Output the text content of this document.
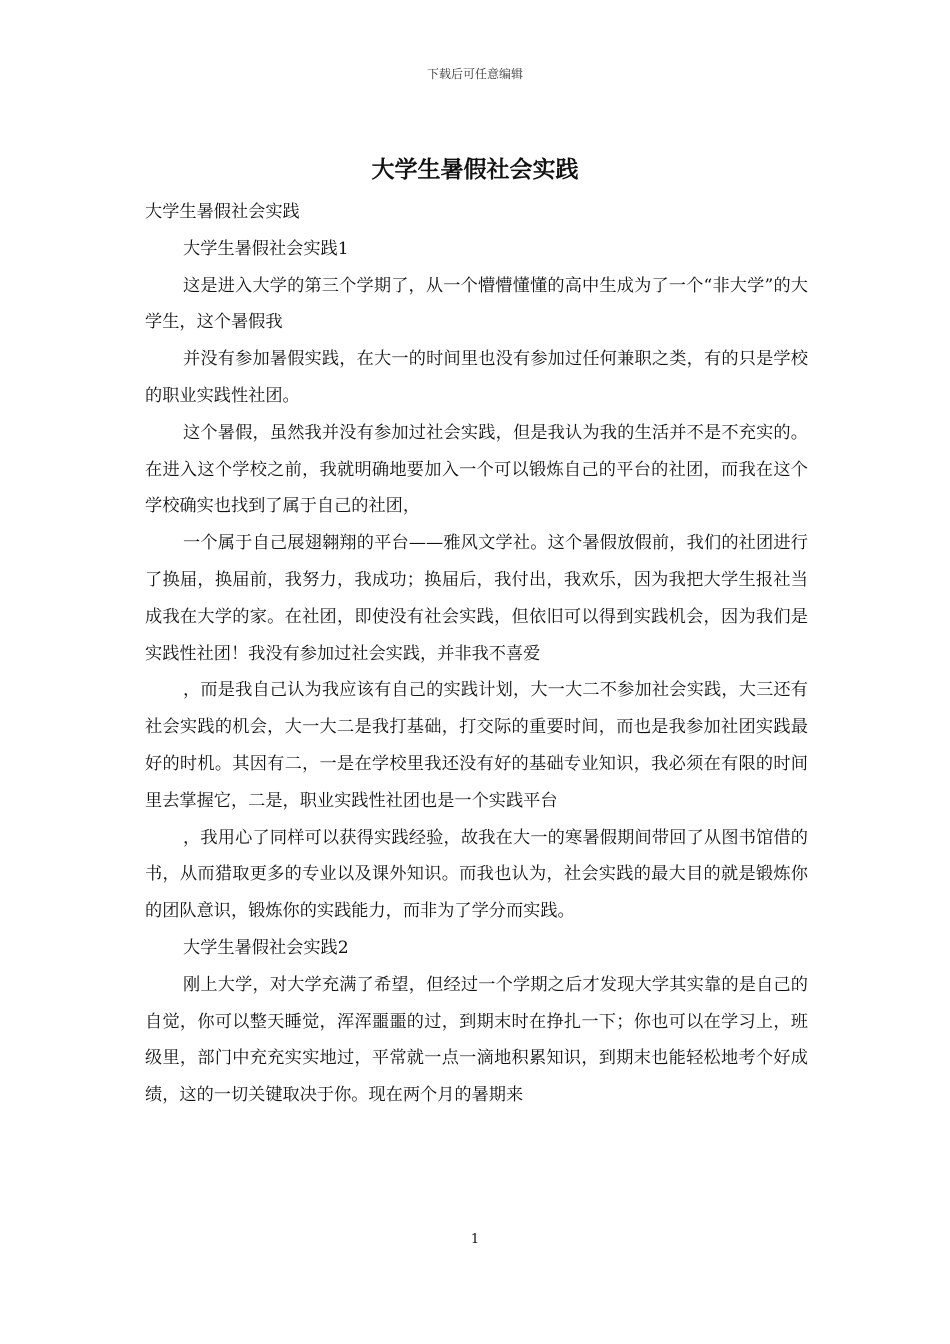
下载后可任意编辑
大学生暑假社会实践

大学生暑假社会实践

大学生暑假社会实践1

这是进入大学的第三个学期了，从一个懵懵懂懂的高中生成为了一个“非大学”的大学生，这个暑假我

并没有参加暑假实践，在大一的时间里也没有参加过任何兼职之类，有的只是学校的职业实践性社团。

这个暑假，虽然我并没有参加过社会实践，但是我认为我的生活并不是不充实的。在进入这个学校之前，我就明确地要加入一个可以锻炼自己的平台的社团，而我在这个学校确实也找到了属于自己的社团，

一个属于自己展翅翱翔的平台——雅风文学社。这个暑假放假前，我们的社团进行了换届，换届前，我努力，我成功；换届后，我付出，我欢乐，因为我把大学生报社当成我在大学的家。在社团，即使没有社会实践，但依旧可以得到实践机会，因为我们是实践性社团！我没有参加过社会实践，并非我不喜爱

，而是我自己认为我应该有自己的实践计划，大一大二不参加社会实践，大三还有社会实践的机会，大一大二是我打基础，打交际的重要时间，而也是我参加社团实践最好的时机。其因有二，一是在学校里我还没有好的基础专业知识，我必须在有限的时间里去掌握它，二是，职业实践性社团也是一个实践平台

，我用心了同样可以获得实践经验，故我在大一的寒暑假期间带回了从图书馆借的书，从而猎取更多的专业以及课外知识。而我也认为，社会实践的最大目的就是锻炼你的团队意识，锻炼你的实践能力，而非为了学分而实践。

大学生暑假社会实践2

刚上大学，对大学充满了希望，但经过一个学期之后才发现大学其实靠的是自己的自觉，你可以整天睡觉，浑浑噩噩的过，到期末时在挣扎一下；你也可以在学习上，班级里，部门中充充实实地过，平常就一点一滴地积累知识，到期末也能轻松地考个好成绩，这的一切关键取决于你。现在两个月的暑期来

1
